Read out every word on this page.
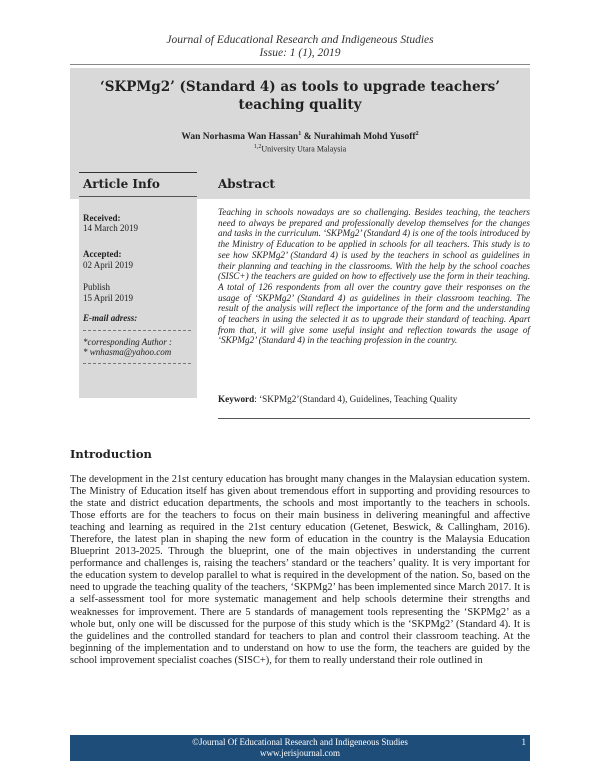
Journal of Educational Research and Indigeneous Studies
Issue: 1 (1), 2019
‘SKPMg2’ (Standard 4) as tools to upgrade teachers’ teaching quality
Wan Norhasma Wan Hassan$^1$ & Nurahimah Mohd Yusoff$^2$
$^{1,2}$University Utara Malaysia
Article Info
Received:
14 March 2019
Accepted:
02 April 2019
Publish
15 April 2019
E-mail adress:
*corresponding Author :
* wnhasma@yahoo.com
Abstract
Teaching in schools nowadays are so challenging. Besides teaching, the teachers need to always be prepared and professionally develop themselves for the changes and tasks in the curriculum. ‘SKPMg2’ (Standard 4) is one of the tools introduced by the Ministry of Education to be applied in schools for all teachers. This study is to see how SKPMg2’ (Standard 4) is used by the teachers in school as guidelines in their planning and teaching in the classrooms. With the help by the school coaches (SISC+) the teachers are guided on how to effectively use the form in their teaching. A total of 126 respondents from all over the country gave their responses on the usage of ‘SKPMg2’ (Standard 4) as guidelines in their classroom teaching. The result of the analysis will reflect the importance of the form and the understanding of teachers in using the selected it as to upgrade their standard of teaching. Apart from that, it will give some useful insight and reflection towards the usage of ‘SKPMg2’ (Standard 4) in the teaching profession in the country.
Keyword: ‘SKPMg2’(Standard 4), Guidelines, Teaching Quality
Introduction
The development in the 21st century education has brought many changes in the Malaysian education system. The Ministry of Education itself has given about tremendous effort in supporting and providing resources to the state and district education departments, the schools and most importantly to the teachers in schools. Those efforts are for the teachers to focus on their main business in delivering meaningful and affective teaching and learning as required in the 21st century education (Getenet, Beswick, & Callingham, 2016). Therefore, the latest plan in shaping the new form of education in the country is the Malaysia Education Blueprint 2013-2025. Through the blueprint, one of the main objectives in understanding the current performance and challenges is, raising the teachers’ standard or the teachers’ quality. It is very important for the education system to develop parallel to what is required in the development of the nation. So, based on the need to upgrade the teaching quality of the teachers, ‘SKPMg2’ has been implemented since March 2017. It is a self-assessment tool for more systematic management and help schools determine their strengths and weaknesses for improvement. There are 5 standards of management tools representing the ‘SKPMg2’ as a whole but, only one will be discussed for the purpose of this study which is the ‘SKPMg2’ (Standard 4). It is the guidelines and the controlled standard for teachers to plan and control their classroom teaching. At the beginning of the implementation and to understand on how to use the form, the teachers are guided by the school improvement specialist coaches (SISC+), for them to really understand their role outlined in
©Journal Of Educational Research and Indigeneous Studies
www.jerisjournal.com
1
